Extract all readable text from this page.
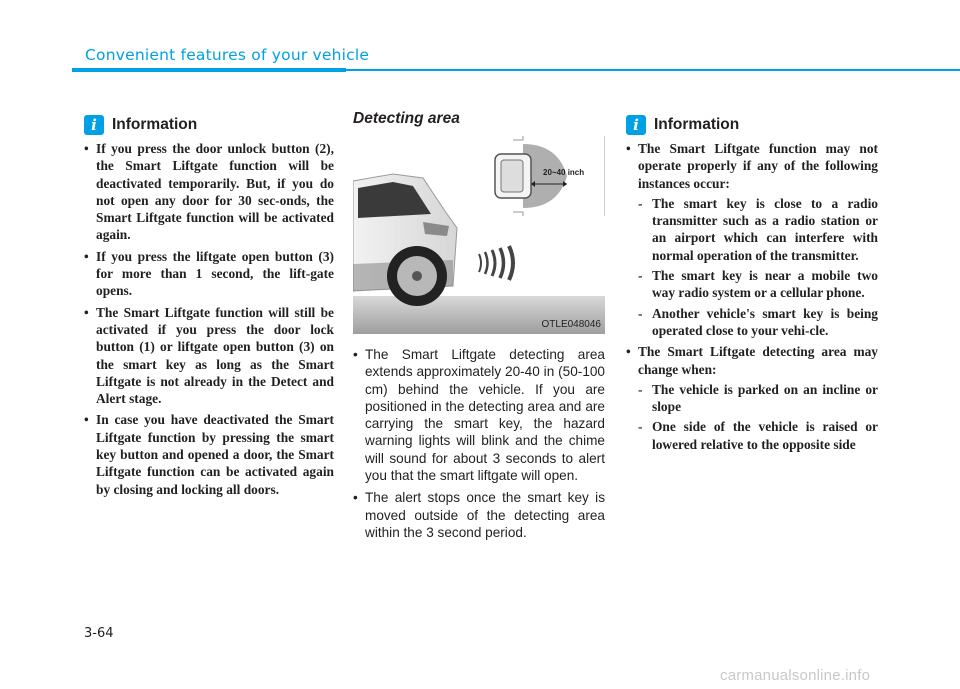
Convenient features of your vehicle
i Information
• If you press the door unlock button (2), the Smart Liftgate function will be deactivated temporarily. But, if you do not open any door for 30 sec-onds, the Smart Liftgate function will be activated again.
• If you press the liftgate open button (3) for more than 1 second, the lift-gate opens.
• The Smart Liftgate function will still be activated if you press the door lock button (1) or liftgate open button (3) on the smart key as long as the Smart Liftgate is not already in the Detect and Alert stage.
• In case you have deactivated the Smart Liftgate function by pressing the smart key button and opened a door, the Smart Liftgate function can be activated again by closing and locking all doors.
Detecting area
20~40 inch
OTLE048046
• The Smart Liftgate detecting area extends approximately 20-40 in (50-100 cm) behind the vehicle. If you are positioned in the detecting area and are carrying the smart key, the hazard warning lights will blink and the chime will sound for about 3 seconds to alert you that the smart liftgate will open.
• The alert stops once the smart key is moved outside of the detecting area within the 3 second period.
i Information
• The Smart Liftgate function may not operate properly if any of the following instances occur:
- The smart key is close to a radio transmitter such as a radio station or an airport which can interfere with normal operation of the transmitter.
- The smart key is near a mobile two way radio system or a cellular phone.
- Another vehicle's smart key is being operated close to your vehi-cle.
• The Smart Liftgate detecting area may change when:
- The vehicle is parked on an incline or slope
- One side of the vehicle is raised or lowered relative to the opposite side
3-64
carmanualsonline.info
